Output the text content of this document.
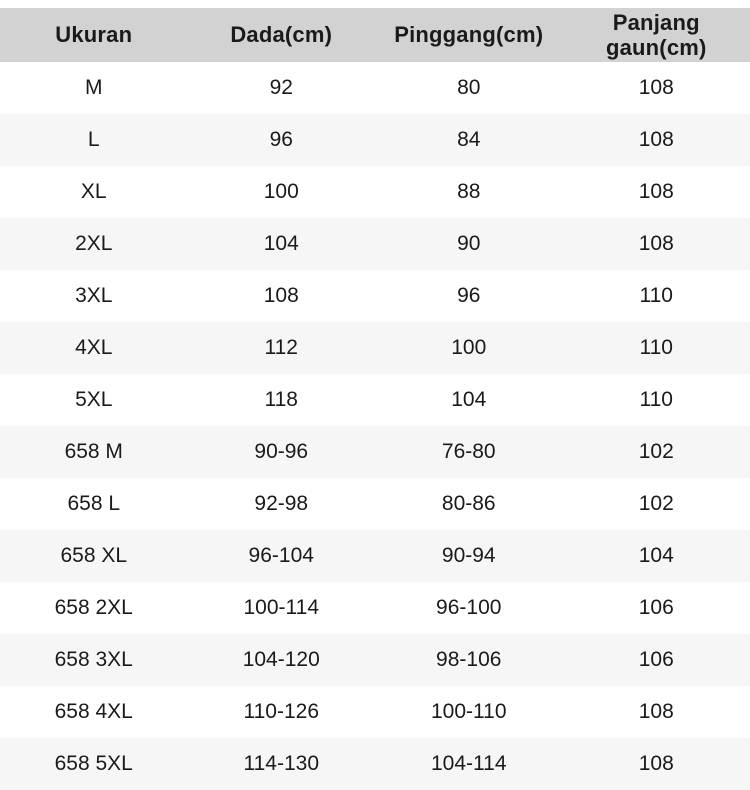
Ukuran	Dada(cm)	Pinggang(cm)	Panjang gaun(cm)
M	92	80	108
L	96	84	108
XL	100	88	108
2XL	104	90	108
3XL	108	96	110
4XL	112	100	110
5XL	118	104	110
658 M	90-96	76-80	102
658 L	92-98	80-86	102
658 XL	96-104	90-94	104
658 2XL	100-114	96-100	106
658 3XL	104-120	98-106	106
658 4XL	110-126	100-110	108
658 5XL	114-130	104-114	108
